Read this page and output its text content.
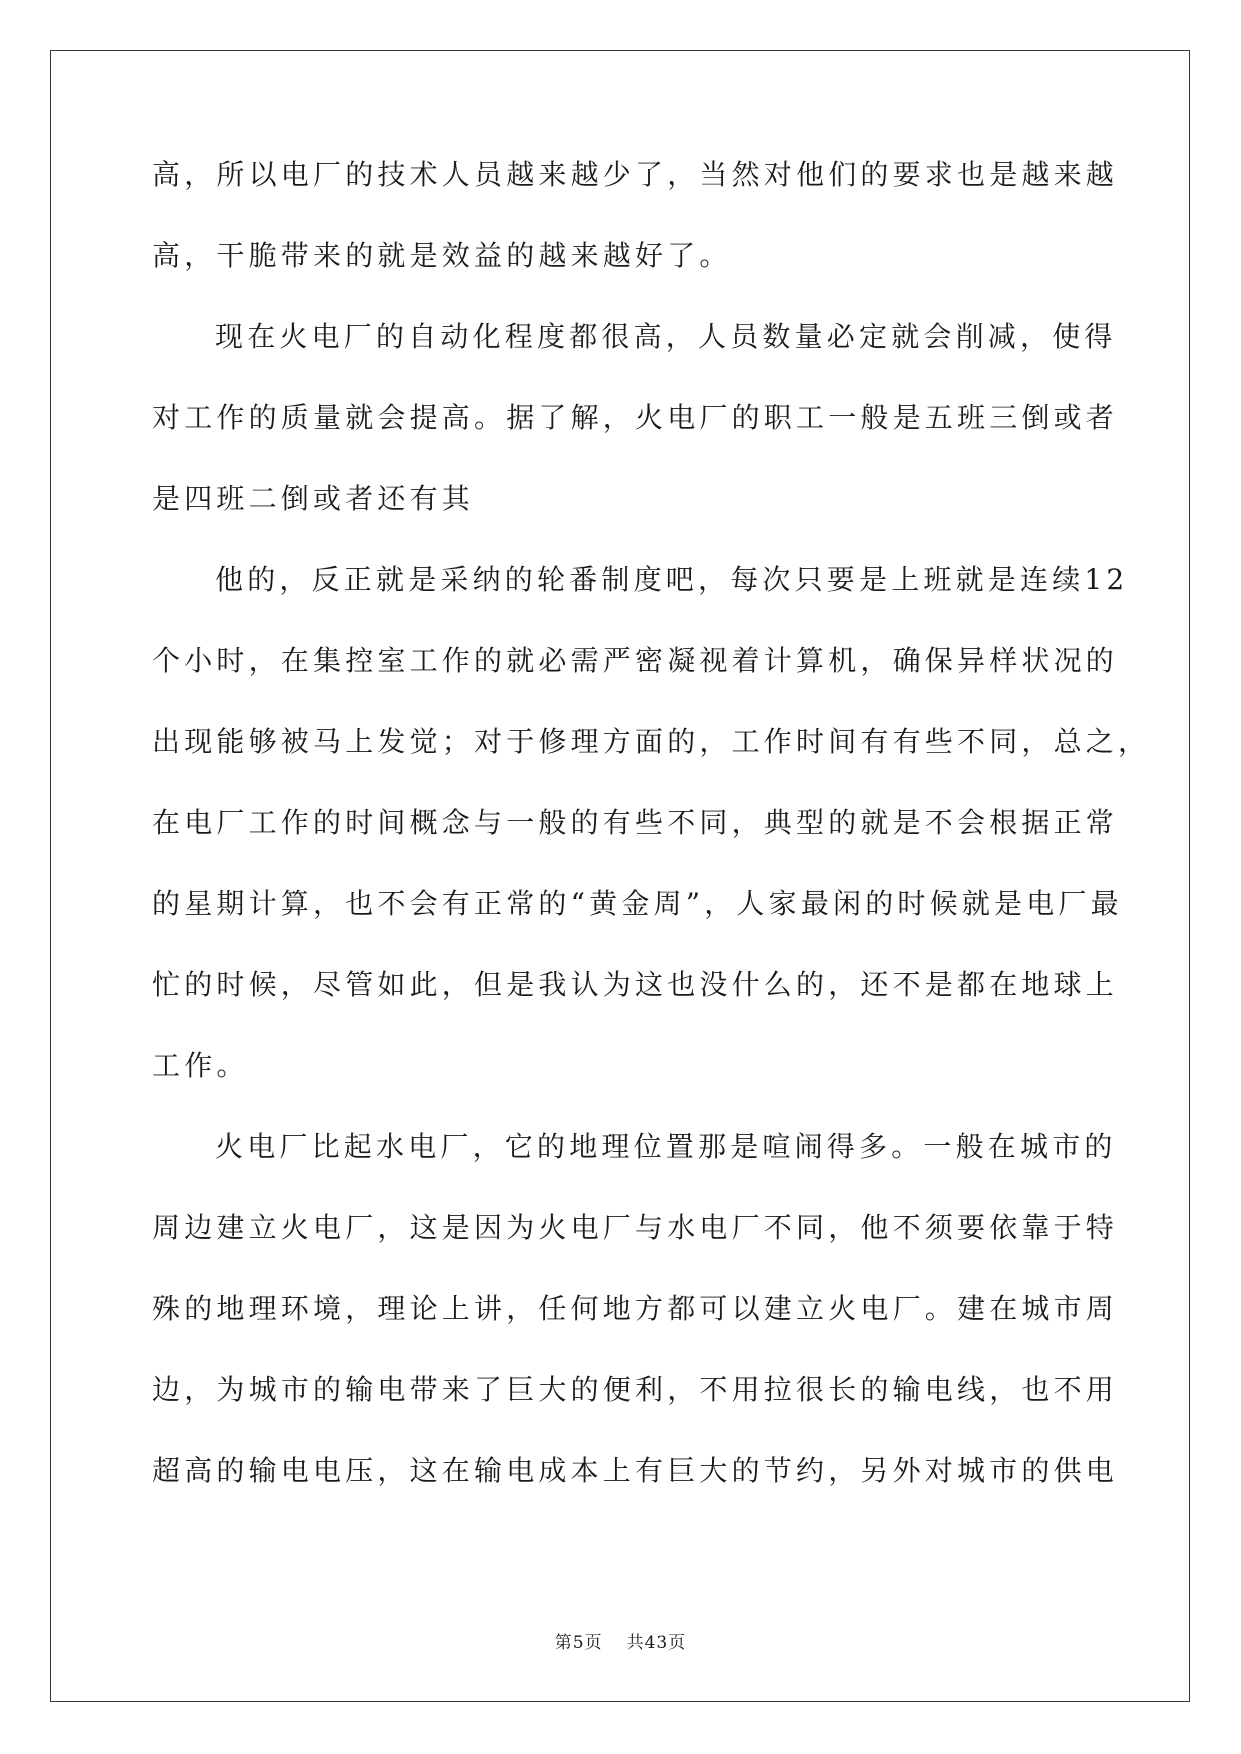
高，所以电厂的技术人员越来越少了，当然对他们的要求也是越来越
高，干脆带来的就是效益的越来越好了。
现在火电厂的自动化程度都很高，人员数量必定就会削减，使得
对工作的质量就会提高。据了解，火电厂的职工一般是五班三倒或者
是四班二倒或者还有其
他的，反正就是采纳的轮番制度吧，每次只要是上班就是连续12
个小时，在集控室工作的就必需严密凝视着计算机，确保异样状况的
出现能够被马上发觉；对于修理方面的，工作时间有有些不同，总之，
在电厂工作的时间概念与一般的有些不同，典型的就是不会根据正常
的星期计算，也不会有正常的“黄金周”，人家最闲的时候就是电厂最
忙的时候，尽管如此，但是我认为这也没什么的，还不是都在地球上
工作。
火电厂比起水电厂，它的地理位置那是喧闹得多。一般在城市的
周边建立火电厂，这是因为火电厂与水电厂不同，他不须要依靠于特
殊的地理环境，理论上讲，任何地方都可以建立火电厂。建在城市周
边，为城市的输电带来了巨大的便利，不用拉很长的输电线，也不用
超高的输电电压，这在输电成本上有巨大的节约，另外对城市的供电
第5页 共43页
